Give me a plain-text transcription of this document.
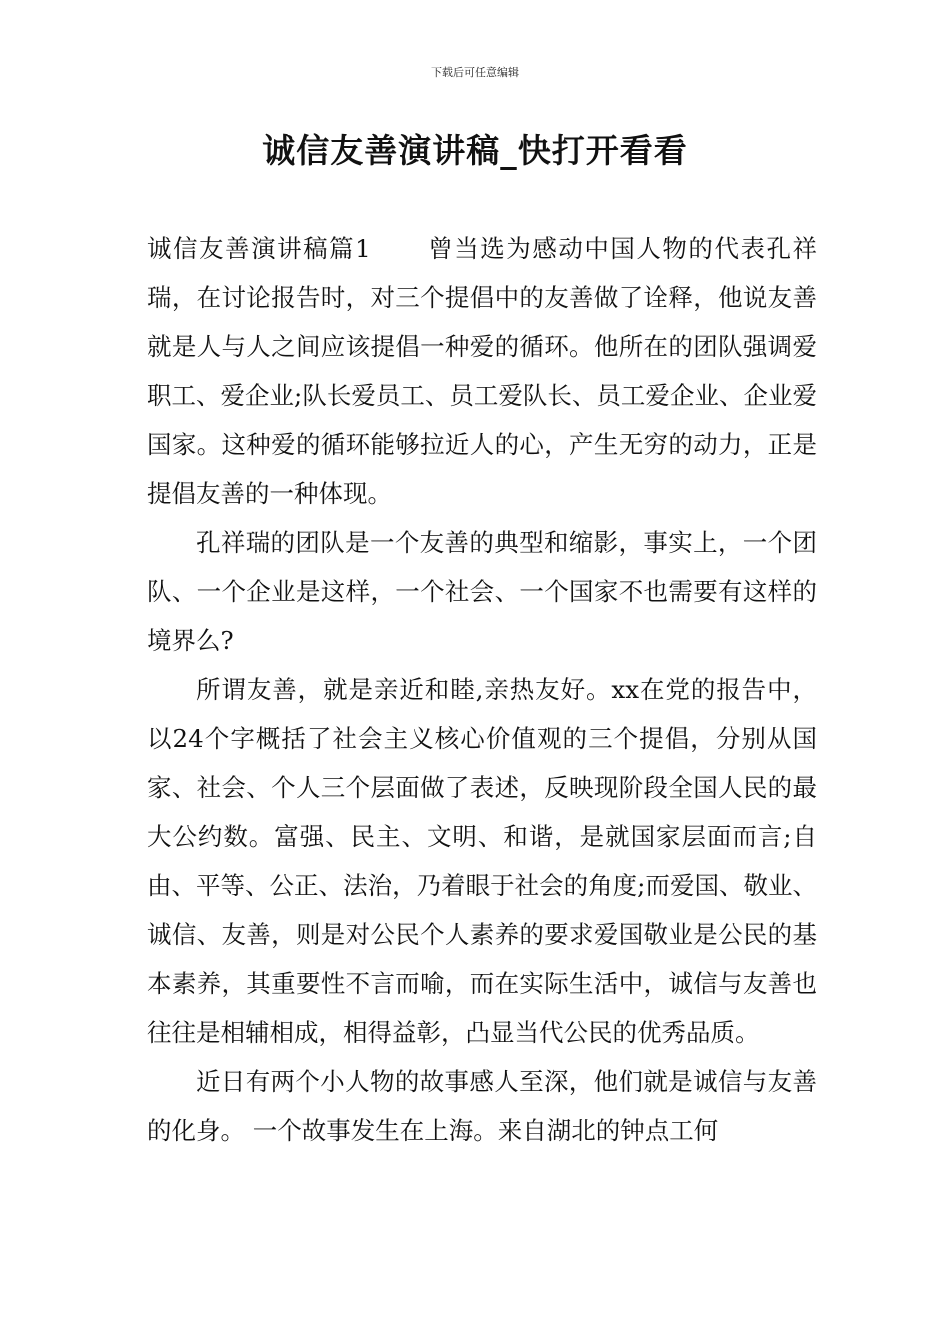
下载后可任意编辑
诚信友善演讲稿_快打开看看

诚信友善演讲稿篇1 曾当选为感动中国人物的代表孔祥瑞，在讨论报告时，对三个提倡中的友善做了诠释，他说友善就是人与人之间应该提倡一种爱的循环。他所在的团队强调爱职工、爱企业;队长爱员工、员工爱队长、员工爱企业、企业爱国家。这种爱的循环能够拉近人的心，产生无穷的动力，正是提倡友善的一种体现。

孔祥瑞的团队是一个友善的典型和缩影，事实上，一个团队、一个企业是这样，一个社会、一个国家不也需要有这样的境界么?

所谓友善，就是亲近和睦,亲热友好。xx在党的报告中，以24个字概括了社会主义核心价值观的三个提倡，分别从国家、社会、个人三个层面做了表述，反映现阶段全国人民的最大公约数。富强、民主、文明、和谐，是就国家层面而言;自由、平等、公正、法治，乃着眼于社会的角度;而爱国、敬业、诚信、友善，则是对公民个人素养的要求爱国敬业是公民的基本素养，其重要性不言而喻，而在实际生活中，诚信与友善也往往是相辅相成，相得益彰，凸显当代公民的优秀品质。

近日有两个小人物的故事感人至深，他们就是诚信与友善的化身。 一个故事发生在上海。来自湖北的钟点工何
